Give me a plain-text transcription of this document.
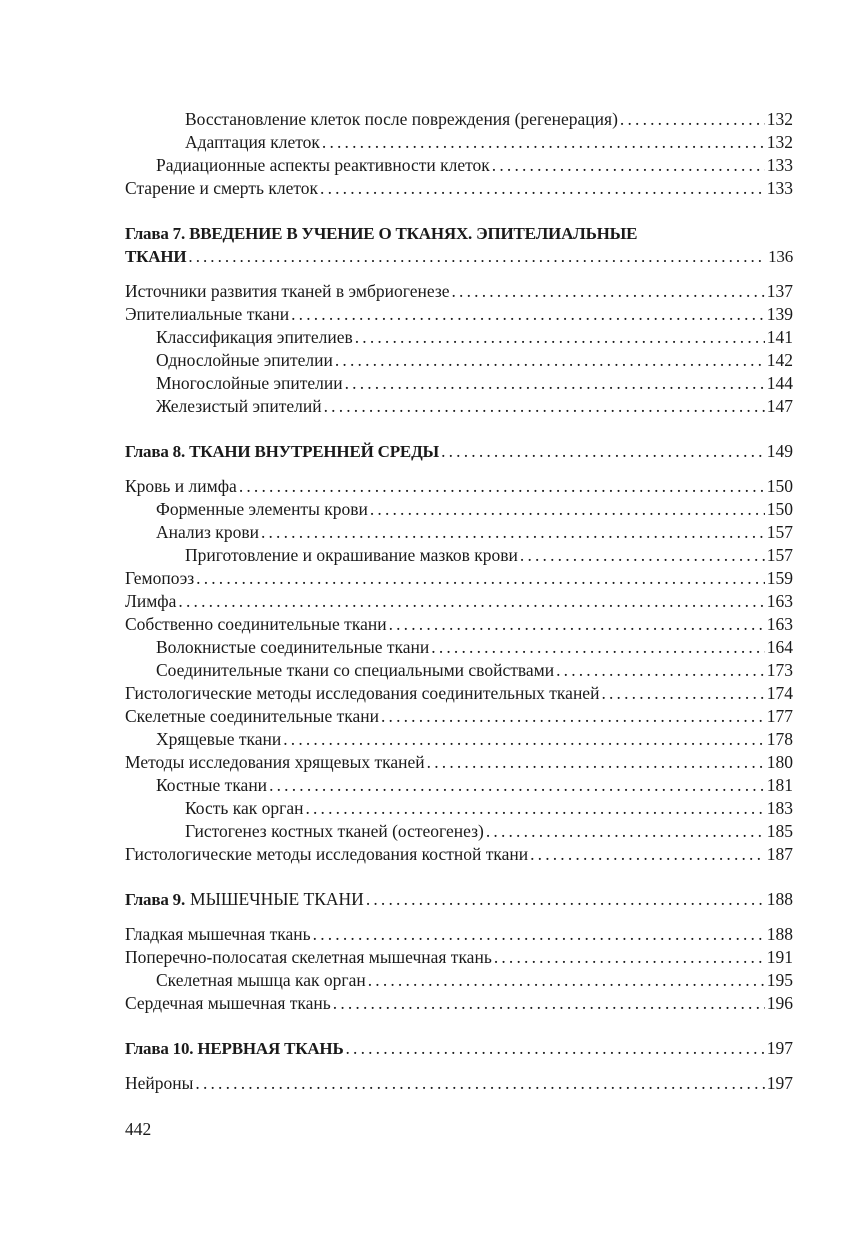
Восстановление клеток после повреждения (регенерация) . . .	132
Адаптация клеток . . .	132
Радиационные аспекты реактивности клеток . . .	133
Старение и смерть клеток . . .	133
Глава 7. ВВЕДЕНИЕ В УЧЕНИЕ О ТКАНЯХ. ЭПИТЕЛИАЛЬНЫЕ
ТКАНИ . . .	136
Источники развития тканей в эмбриогенезе . . .	137
Эпителиальные ткани . . .	139
Классификация эпителиев . . .	141
Однослойные эпителии . . .	142
Многослойные эпителии . . .	144
Железистый эпителий . . .	147
Глава 8. ТКАНИ ВНУТРЕННЕЙ СРЕДЫ . . .	149
Кровь и лимфа . . .	150
Форменные элементы крови . . .	150
Анализ крови . . .	157
Приготовление и окрашивание мазков крови . . .	157
Гемопоэз . . .	159
Лимфа . . .	163
Собственно соединительные ткани . . .	163
Волокнистые соединительные ткани . . .	164
Соединительные ткани со специальными свойствами . . .	173
Гистологические методы исследования соединительных тканей . . .	174
Скелетные соединительные ткани . . .	177
Хрящевые ткани . . .	178
Методы исследования хрящевых тканей . . .	180
Костные ткани . . .	181
Кость как орган . . .	183
Гистогенез костных тканей (остеогенез) . . .	185
Гистологические методы исследования костной ткани . . .	187
Глава 9. МЫШЕЧНЫЕ ТКАНИ . . .	188
Гладкая мышечная ткань . . .	188
Поперечно-полосатая скелетная мышечная ткань . . .	191
Скелетная мышца как орган . . .	195
Сердечная мышечная ткань . . .	196
Глава 10. НЕРВНАЯ ТКАНЬ . . .	197
Нейроны . . .	197
442
